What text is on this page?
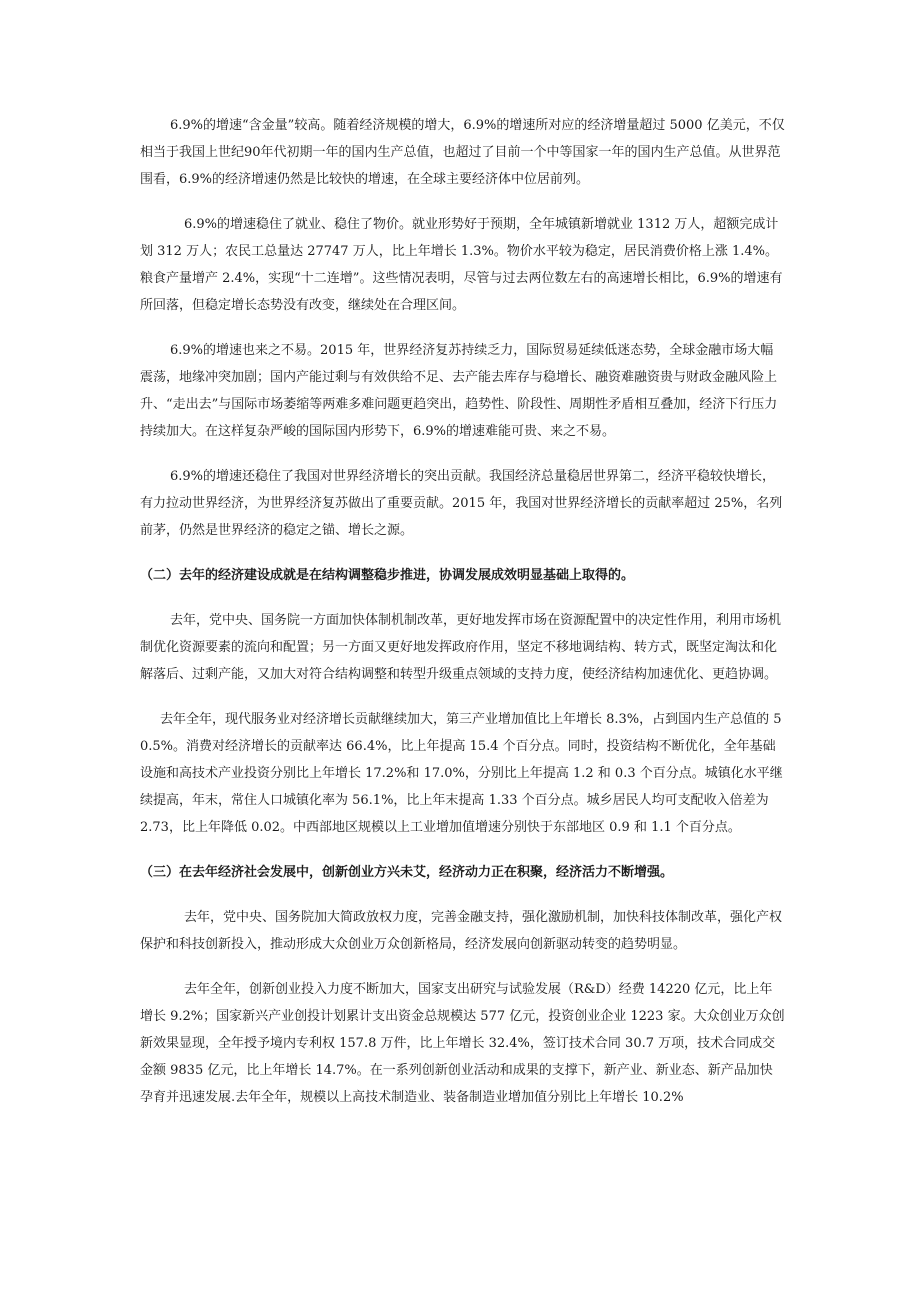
6.9%的增速“含金量”较高。随着经济规模的增大，6.9%的增速所对应的经济增量超过 5000 亿美元，不仅相当于我国上世纪90年代初期一年的国内生产总值，也超过了目前一个中等国家一年的国内生产总值。从世界范围看，6.9%的经济增速仍然是比较快的增速，在全球主要经济体中位居前列。

6.9%的增速稳住了就业、稳住了物价。就业形势好于预期，全年城镇新增就业 1312 万人，超额完成计划 312 万人；农民工总量达 27747 万人，比上年增长 1.3%。物价水平较为稳定，居民消费价格上涨 1.4%。粮食产量增产 2.4%，实现“十二连增”。这些情况表明，尽管与过去两位数左右的高速增长相比，6.9%的增速有所回落，但稳定增长态势没有改变，继续处在合理区间。

6.9%的增速也来之不易。2015 年，世界经济复苏持续乏力，国际贸易延续低迷态势，全球金融市场大幅震荡，地缘冲突加剧；国内产能过剩与有效供给不足、去产能去库存与稳增长、融资难融资贵与财政金融风险上升、“走出去”与国际市场萎缩等两难多难问题更趋突出，趋势性、阶段性、周期性矛盾相互叠加，经济下行压力持续加大。在这样复杂严峻的国际国内形势下，6.9%的增速难能可贵、来之不易。

6.9%的增速还稳住了我国对世界经济增长的突出贡献。我国经济总量稳居世界第二，经济平稳较快增长，有力拉动世界经济，为世界经济复苏做出了重要贡献。2015 年，我国对世界经济增长的贡献率超过 25%，名列前茅，仍然是世界经济的稳定之锚、增长之源。

（二）去年的经济建设成就是在结构调整稳步推进，协调发展成效明显基础上取得的。

去年，党中央、国务院一方面加快体制机制改革，更好地发挥市场在资源配置中的决定性作用，利用市场机制优化资源要素的流向和配置；另一方面又更好地发挥政府作用，坚定不移地调结构、转方式，既坚定淘汰和化解落后、过剩产能，又加大对符合结构调整和转型升级重点领域的支持力度，使经济结构加速优化、更趋协调。

去年全年，现代服务业对经济增长贡献继续加大，第三产业增加值比上年增长 8.3%，占到国内生产总值的 50.5%。消费对经济增长的贡献率达 66.4%，比上年提高 15.4 个百分点。同时，投资结构不断优化，全年基础设施和高技术产业投资分别比上年增长 17.2%和 17.0%，分别比上年提高 1.2 和 0.3 个百分点。城镇化水平继续提高，年末，常住人口城镇化率为 56.1%，比上年末提高 1.33 个百分点。城乡居民人均可支配收入倍差为 2.73，比上年降低 0.02。中西部地区规模以上工业增加值增速分别快于东部地区 0.9 和 1.1 个百分点。

（三）在去年经济社会发展中，创新创业方兴未艾，经济动力正在积聚，经济活力不断增强。

去年，党中央、国务院加大简政放权力度，完善金融支持，强化激励机制，加快科技体制改革，强化产权保护和科技创新投入，推动形成大众创业万众创新格局，经济发展向创新驱动转变的趋势明显。

去年全年，创新创业投入力度不断加大，国家支出研究与试验发展（R&D）经费 14220 亿元，比上年增长 9.2%；国家新兴产业创投计划累计支出资金总规模达 577 亿元，投资创业企业 1223 家。大众创业万众创新效果显现，全年授予境内专利权 157.8 万件，比上年增长 32.4%，签订技术合同 30.7 万项，技术合同成交金额 9835 亿元，比上年增长 14.7%。在一系列创新创业活动和成果的支撑下，新产业、新业态、新产品加快孕育并迅速发展.去年全年，规模以上高技术制造业、装备制造业增加值分别比上年增长 10.2%
